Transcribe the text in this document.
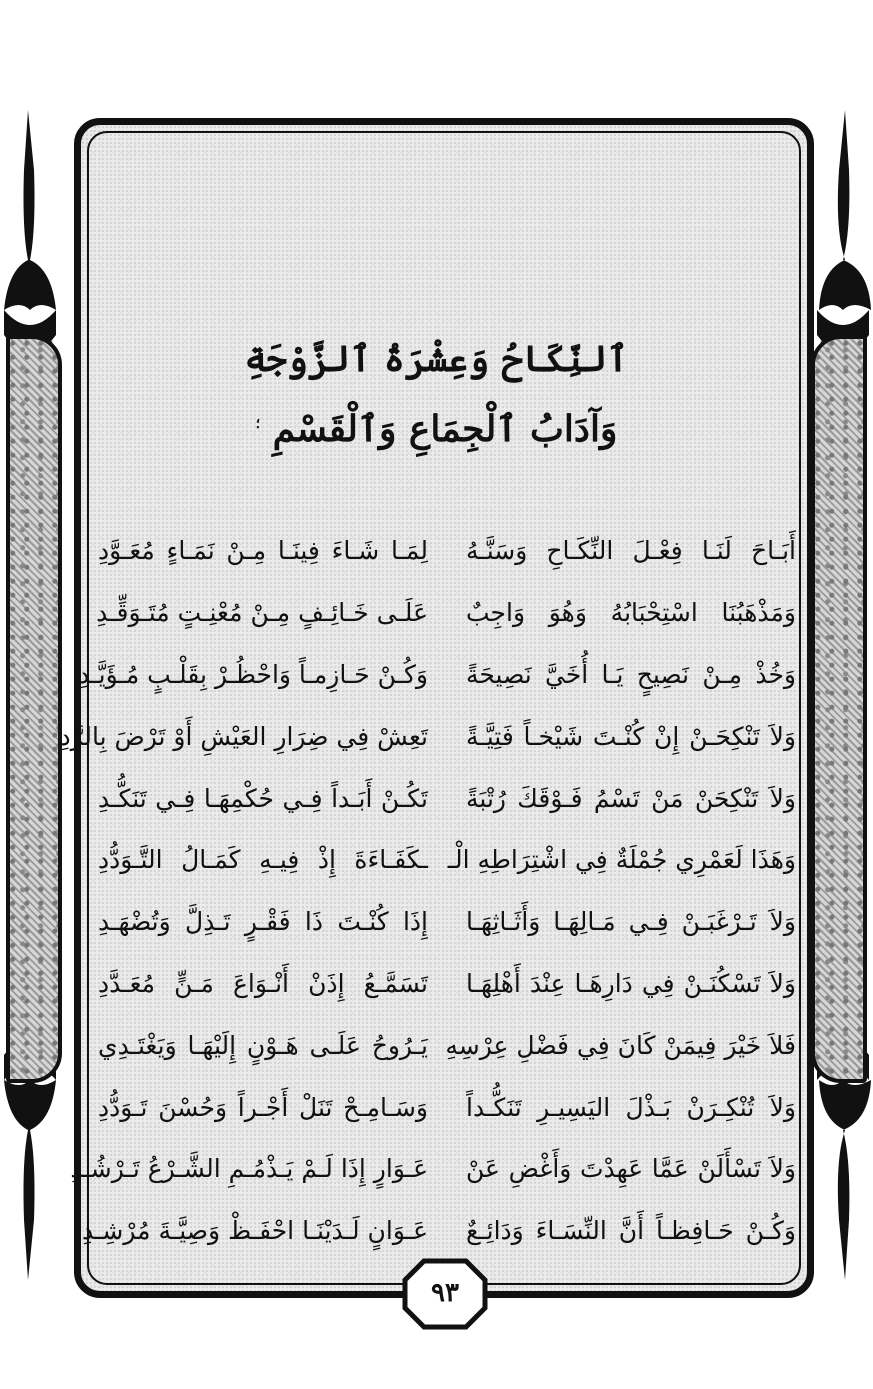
ٱلنِّكَاحُ وَعِشْرَةُ ٱلزَّوْجَةِ
وَآدَابُ ٱلْجِمَاعِ وَٱلْقَسْمِ ؛
أَبَـاحَ لَنَـا فِعْـلَ النِّكَـاحِ وَسَنَّـهُ
لِمَـا شَـاءَ فِينَـا مِـنْ نَمَـاءٍ مُعَـوَّدِ
وَمَذْهَبُنَا اسْتِحْبَابُهُ وَهُوَ وَاجِبٌ
عَلَـى خَـائِـفٍ مِـنْ مُعْنِـتٍ مُتَـوَقِّـدِ
وَخُذْ مِـنْ نَصِيحٍ يَـا أُخَيَّ نَصِيحَةً
وَكُـنْ حَـازِمـاً وَاحْظُـرْ بِقَلْـبٍ مُـؤَيَّـدِ
وَلاَ تَنْكِحَـنْ إِنْ كُنْـتَ شَيْخـاً فَتِيَّـةً
تَعِشْ فِي ضِرَارِ العَيْشِ أَوْ تَرْضَ بِالرَّدِ
وَلاَ تَنْكِحَنْ مَنْ تَسْمُ فَـوْقَكَ رُتْبَةً
تَكُـنْ أَبَـداً فِـي حُكْمِهَـا فِـي تَنَكُّـدِ
وَهَذَا لَعَمْرِي جُمْلَةٌ فِي اشْتِرَاطِهِ الْـ
ـكَفَـاءَةَ إِذْ فِيـهِ كَمَـالُ التَّـوَدُّدِ
وَلاَ تَـرْغَبَـنْ فِـي مَـالِهَـا وَأَثَـاثِهَـا
إِذَا كُنْـتَ ذَا فَقْـرٍ تَـذِلَّ وَتُضْهَـدِ
وَلاَ تَسْكُنَـنْ فِي دَارِهَـا عِنْدَ أَهْلِهَـا
تَسَمَّـعُ إِذَنْ أَنْـوَاعَ مَـنٍّ مُعَـدَّدِ
فَلاَ خَيْرَ فِيمَنْ كَانَ فِي فَضْلِ عِرْسِهِ
يَـرُوحُ عَلَـى هَـوْنٍ إِلَيْهَـا وَيَغْتَـدِي
وَلاَ تُنْكِـرَنْ بَـذْلَ اليَسِيـرِ تَنَكُّـداً
وَسَـامِـحْ تَنَلْ أَجْـراً وَحُسْنَ تَـوَدُّدِ
وَلاَ تَسْأَلَنْ عَمَّا عَهِدْتَ وَأَغْضِ عَنْ
عَـوَارٍ إِذَا لَـمْ يَـذْمُـمِ الشَّـرْعُ تَـرْشُـدِ
وَكُـنْ حَـافِظـاً أَنَّ النِّسَـاءَ وَدَائِـعٌ
عَـوَانٍ لَـدَيْنَـا احْفَـظْ وَصِيَّـةَ مُرْشِـدِ
٩٣
